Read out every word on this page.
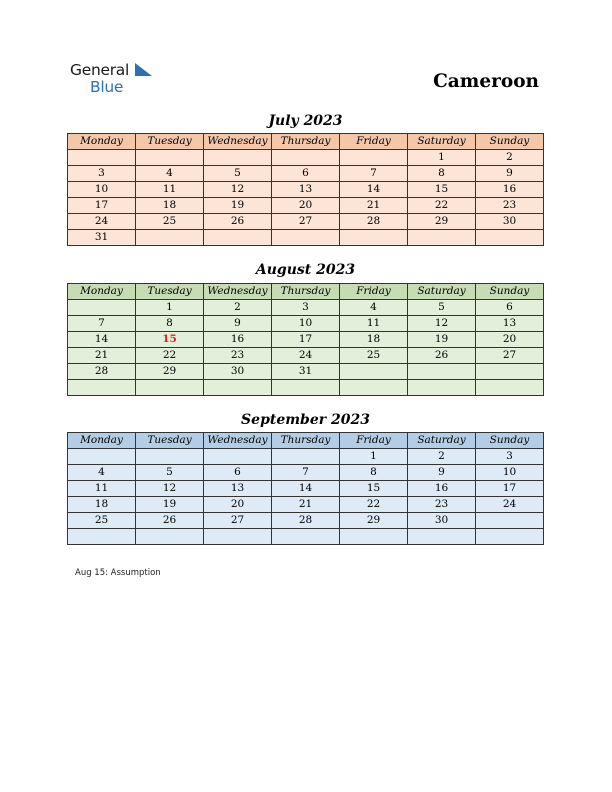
General
Blue	Cameroon
July 2023
Monday	Tuesday	Wednesday	Thursday	Friday	Saturday	Sunday
					1	2
3	4	5	6	7	8	9
10	11	12	13	14	15	16
17	18	19	20	21	22	23
24	25	26	27	28	29	30
31						
August 2023
Monday	Tuesday	Wednesday	Thursday	Friday	Saturday	Sunday
	1	2	3	4	5	6
7	8	9	10	11	12	13
14	15	16	17	18	19	20
21	22	23	24	25	26	27
28	29	30	31			

September 2023
Monday	Tuesday	Wednesday	Thursday	Friday	Saturday	Sunday
				1	2	3
4	5	6	7	8	9	10
11	12	13	14	15	16	17
18	19	20	21	22	23	24
25	26	27	28	29	30	

Aug 15: Assumption
